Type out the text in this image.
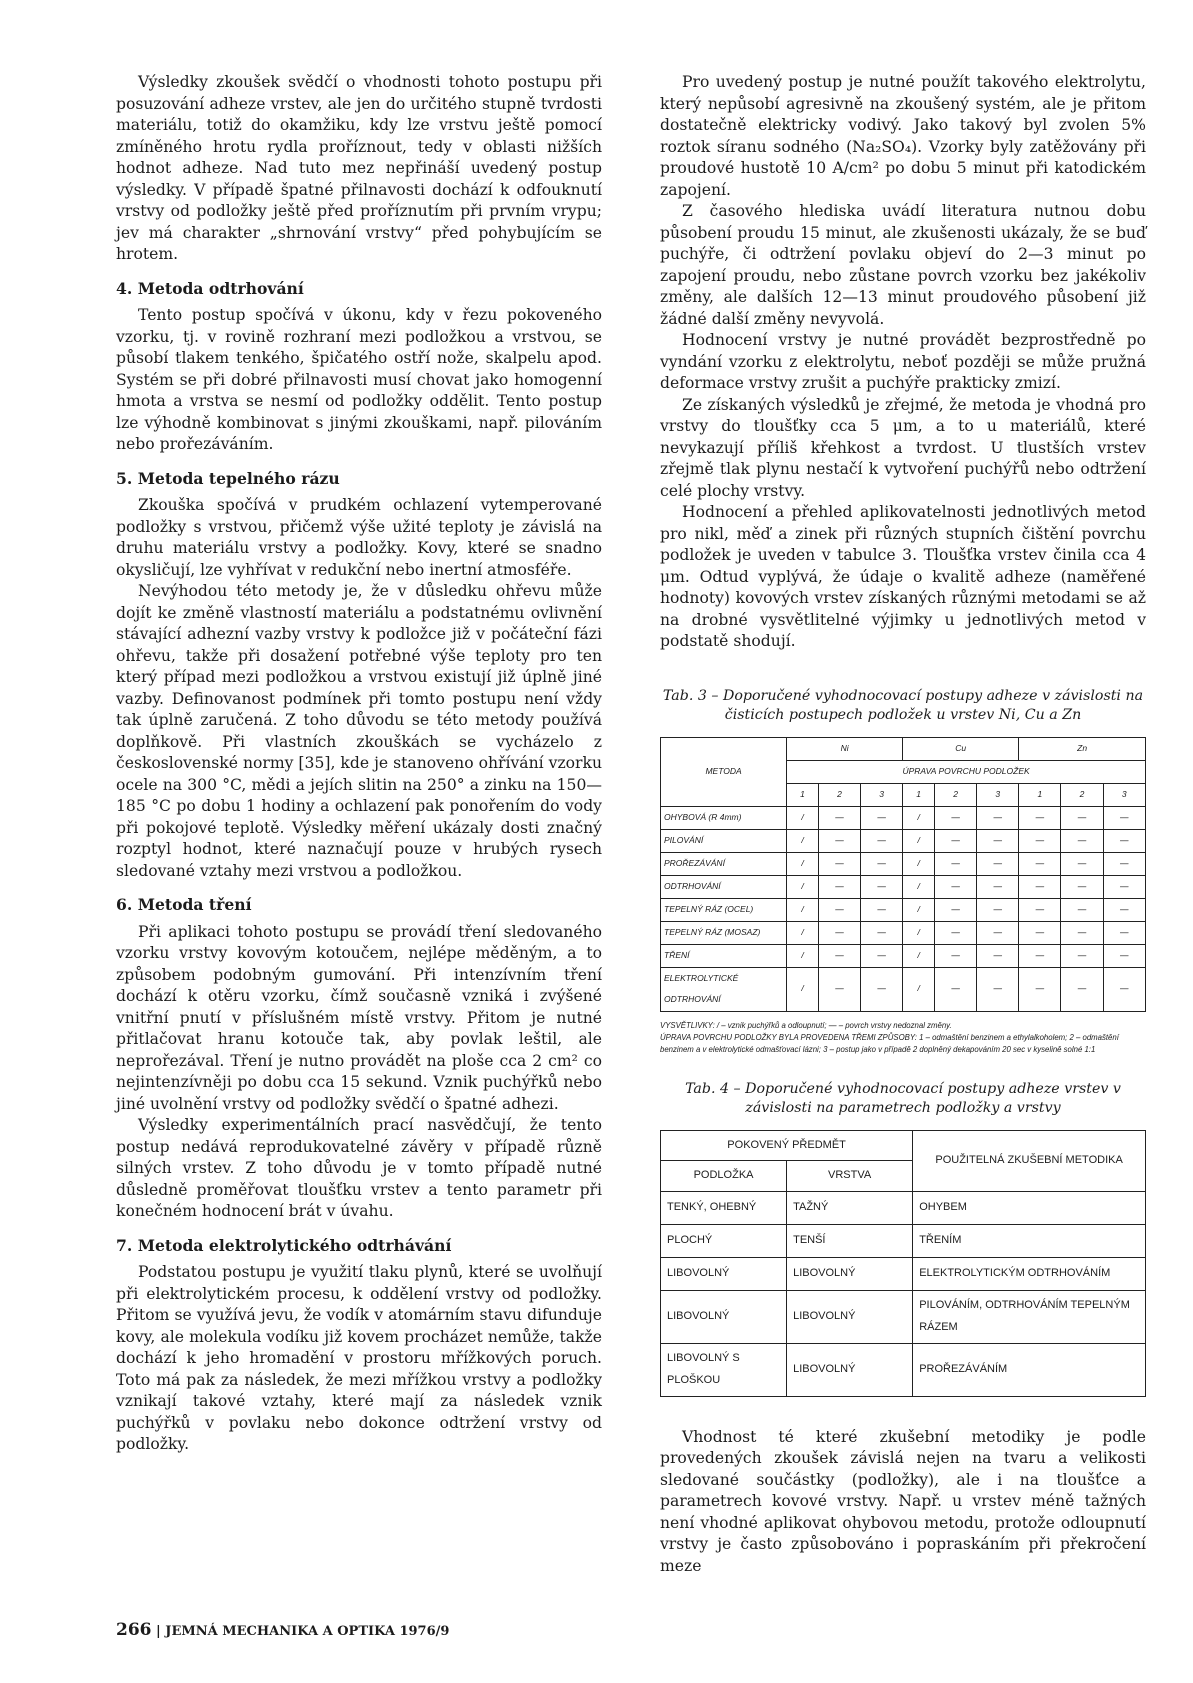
Výsledky zkoušek svědčí o vhodnosti tohoto postupu při posuzování adheze vrstev, ale jen do určitého stupně tvrdosti materiálu, totiž do okamžiku, kdy lze vrstvu ještě pomocí zmíněného hrotu rydla proříznout, tedy v oblasti nižších hodnot adheze. Nad tuto mez nepřináší uvedený postup výsledky. V případě špatné přilnavosti dochází k odfouknutí vrstvy od podložky ještě před proříznutím při prvním vrypu; jev má charakter „shrnování vrstvy“ před pohybujícím se hrotem.

4. Metoda odtrhování

Tento postup spočívá v úkonu, kdy v řezu pokoveného vzorku, tj. v rovině rozhraní mezi podložkou a vrstvou, se působí tlakem tenkého, špičatého ostří nože, skalpelu apod. Systém se při dobré přilnavosti musí chovat jako homogenní hmota a vrstva se nesmí od podložky oddělit. Tento postup lze výhodně kombinovat s jinými zkouškami, např. pilováním nebo prořezáváním.

5. Metoda tepelného rázu

Zkouška spočívá v prudkém ochlazení vytemperované podložky s vrstvou, přičemž výše užité teploty je závislá na druhu materiálu vrstvy a podložky. Kovy, které se snadno okysličují, lze vyhřívat v redukční nebo inertní atmosféře.

Nevýhodou této metody je, že v důsledku ohřevu může dojít ke změně vlastností materiálu a podstatnému ovlivnění stávající adhezní vazby vrstvy k podložce již v počáteční fázi ohřevu, takže při dosažení potřebné výše teploty pro ten který případ mezi podložkou a vrstvou existují již úplně jiné vazby. Definovanost podmínek při tomto postupu není vždy tak úplně zaručená. Z toho důvodu se této metody používá doplňkově. Při vlastních zkouškách se vycházelo z československé normy [35], kde je stanoveno ohřívání vzorku ocele na 300 °C, mědi a jejích slitin na 250° a zinku na 150—185 °C po dobu 1 hodiny a ochlazení pak ponořením do vody při pokojové teplotě. Výsledky měření ukázaly dosti značný rozptyl hodnot, které naznačují pouze v hrubých rysech sledované vztahy mezi vrstvou a podložkou.

6. Metoda tření

Při aplikaci tohoto postupu se provádí tření sledovaného vzorku vrstvy kovovým kotoučem, nejlépe měděným, a to způsobem podobným gumování. Při intenzívním tření dochází k otěru vzorku, čímž současně vzniká i zvýšené vnitřní pnutí v příslušném místě vrstvy. Přitom je nutné přitlačovat hranu kotouče tak, aby povlak leštil, ale neprořezával. Tření je nutno provádět na ploše cca 2 cm² co nejintenzívněji po dobu cca 15 sekund. Vznik puchýřků nebo jiné uvolnění vrstvy od podložky svědčí o špatné adhezi.

Výsledky experimentálních prací nasvědčují, že tento postup nedává reprodukovatelné závěry v případě různě silných vrstev. Z toho důvodu je v tomto případě nutné důsledně proměřovat tloušťku vrstev a tento parametr při konečném hodnocení brát v úvahu.

7. Metoda elektrolytického odtrhávání

Podstatou postupu je využití tlaku plynů, které se uvolňují při elektrolytickém procesu, k oddělení vrstvy od podložky. Přitom se využívá jevu, že vodík v atomárním stavu difunduje kovy, ale molekula vodíku již kovem procházet nemůže, takže dochází k jeho hromadění v prostoru mřížkových poruch. Toto má pak za následek, že mezi mřížkou vrstvy a podložky vznikají takové vztahy, které mají za následek vznik puchýřků v povlaku nebo dokonce odtržení vrstvy od podložky.

Pro uvedený postup je nutné použít takového elektrolytu, který nepůsobí agresivně na zkoušený systém, ale je přitom dostatečně elektricky vodivý. Jako takový byl zvolen 5% roztok síranu sodného (Na₂SO₄). Vzorky byly zatěžovány při proudové hustotě 10 A/cm² po dobu 5 minut při katodickém zapojení.

Z časového hlediska uvádí literatura nutnou dobu působení proudu 15 minut, ale zkušenosti ukázaly, že se buď puchýře, či odtržení povlaku objeví do 2—3 minut po zapojení proudu, nebo zůstane povrch vzorku bez jakékoliv změny, ale dalších 12—13 minut proudového působení již žádné další změny nevyvolá.

Hodnocení vrstvy je nutné provádět bezprostředně po vyndání vzorku z elektrolytu, neboť později se může pružná deformace vrstvy zrušit a puchýře prakticky zmizí.

Ze získaných výsledků je zřejmé, že metoda je vhodná pro vrstvy do tloušťky cca 5 μm, a to u materiálů, které nevykazují příliš křehkost a tvrdost. U tlustších vrstev zřejmě tlak plynu nestačí k vytvoření puchýřů nebo odtržení celé plochy vrstvy.

Hodnocení a přehled aplikovatelnosti jednotlivých metod pro nikl, měď a zinek při různých stupních čištění povrchu podložek je uveden v tabulce 3. Tloušťka vrstev činila cca 4 μm. Odtud vyplývá, že údaje o kvalitě adheze (naměřené hodnoty) kovových vrstev získaných různými metodami se až na drobné vysvětlitelné výjimky u jednotlivých metod v podstatě shodují.

Tab. 3 – Doporučené vyhodnocovací postupy adheze v závislosti na čisticích postupech podložek u vrstev Ni, Cu a Zn
METODA	Ni			Cu			Zn		
	ÚPRAVA POVRCHU PODLOŽEK								
	1	2	3	1	2	3	1	2	3
OHYBOVÁ (R 4mm)	/	—	—	/	—	—	—	—	—
PILOVÁNÍ	/	—	—	/	—	—	—	—	—
PROŘEZÁVÁNÍ	/	—	—	/	—	—	—	—	—
ODTRHOVÁNÍ	/	—	—	/	—	—	—	—	—
TEPELNÝ RÁZ (OCEL)	/	—	—	/	—	—	—	—	—
TEPELNÝ RÁZ (MOSAZ)	/	—	—	/	—	—	—	—	—
TŘENÍ	/	—	—	/	—	—	—	—	—
ELEKTROLYTICKÉ ODTRHOVÁNÍ	/	—	—	/	—	—	—	—	—
VYSVĚTLIVKY: / – vznik puchýřků a odloupnutí; — – povrch vrstvy nedoznal změny.
ÚPRAVA POVRCHU PODLOŽKY BYLA PROVEDENA TŘEMI ZPŮSOBY: 1 – odmaštění benzinem a ethylalkoholem; 2 – odmaštění benzinem a v elektrolytické odmašťovací lázni; 3 – postup jako v případě 2 doplněný dekapováním 20 sec v kyselině solné 1:1
Tab. 4 – Doporučené vyhodnocovací postupy adheze vrstev v závislosti na parametrech podložky a vrstvy
POKOVENÝ PŘEDMĚT		POUŽITELNÁ ZKUŠEBNÍ METODIKA
PODLOŽKA	VRSTVA	
TENKÝ, OHEBNÝ	TAŽNÝ	OHYBEM
PLOCHÝ	TENŠÍ	TŘENÍM
LIBOVOLNÝ	LIBOVOLNÝ	ELEKTROLYTICKÝM ODTRHOVÁNÍM
LIBOVOLNÝ	LIBOVOLNÝ	PILOVÁNÍM, ODTRHOVÁNÍM TEPELNÝM RÁZEM
LIBOVOLNÝ S PLOŠKOU	LIBOVOLNÝ	PROŘEZÁVÁNÍM

Vhodnost té které zkušební metodiky je podle provedených zkoušek závislá nejen na tvaru a velikosti sledované součástky (podložky), ale i na tloušťce a parametrech kovové vrstvy. Např. u vrstev méně tažných není vhodné aplikovat ohybovou metodu, protože odloupnutí vrstvy je často způsobováno i popraskáním při překročení meze

266 | JEMNÁ MECHANIKA A OPTIKA 1976/9
